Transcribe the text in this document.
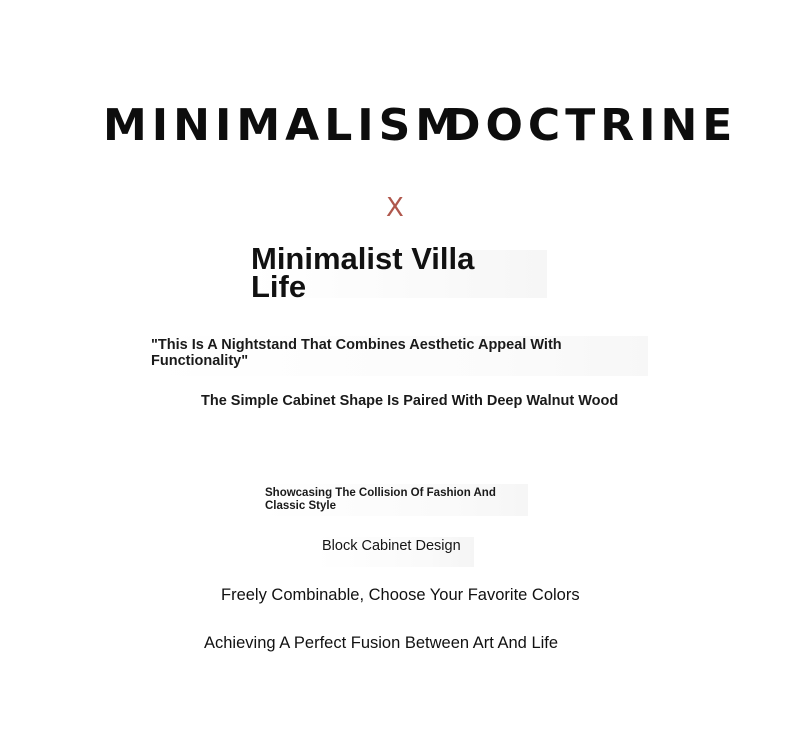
MINIMALISM
DOCTRINE
X
Minimalist Villa Life
"This Is A Nightstand That Combines Aesthetic Appeal With Functionality"
The Simple Cabinet Shape Is Paired With Deep Walnut Wood
Showcasing The Collision Of Fashion And Classic Style
Block Cabinet Design
Freely Combinable, Choose Your Favorite Colors
Achieving A Perfect Fusion Between Art And Life
